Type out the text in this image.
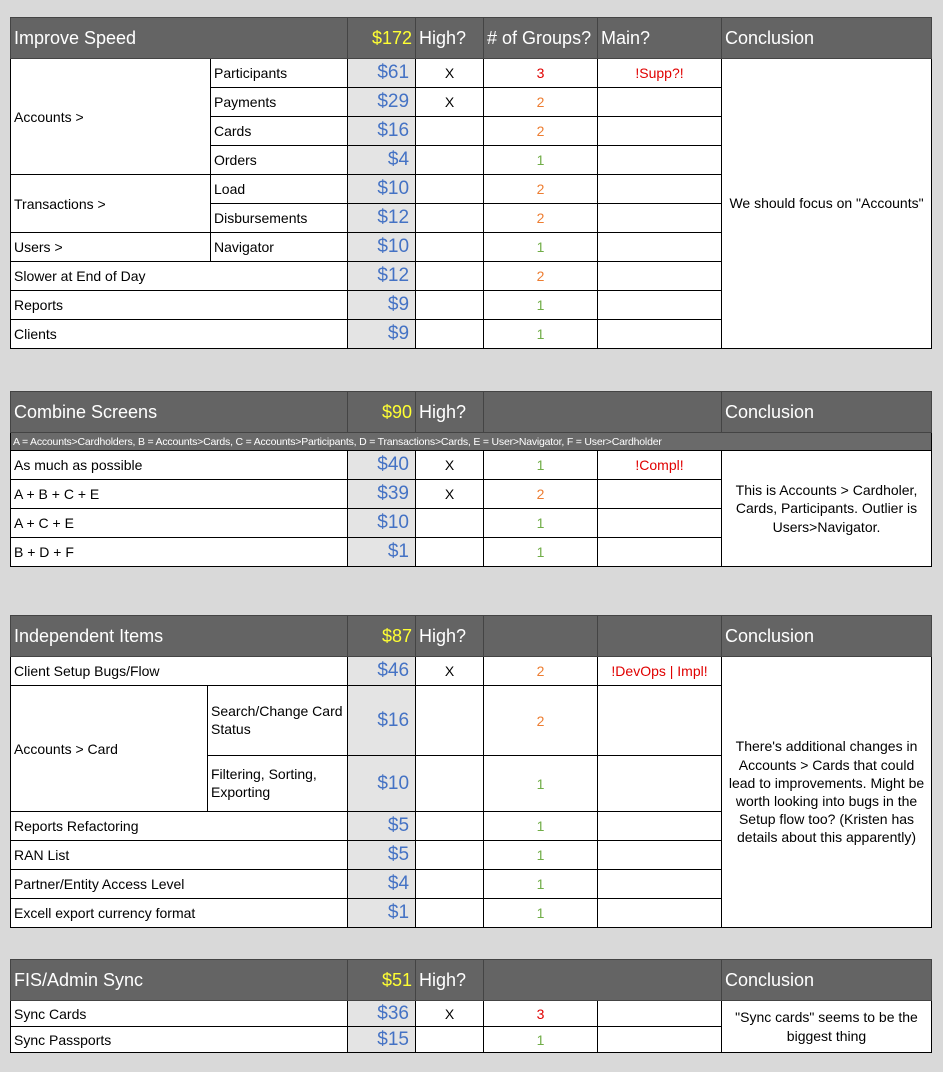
Improve Speed		$172	High?	# of Groups?	Main?	Conclusion
Accounts >	Participants	$61	X	3	!Supp?!	We should focus on "Accounts"
	Payments	$29	X	2		
	Cards	$16		2		
	Orders	$4		1		
Transactions >	Load	$10		2		
	Disbursements	$12		2		
Users >	Navigator	$10		1		
Slower at End of Day		$12		2		
Reports		$9		1		
Clients		$9		1		
Combine Screens	$90	High?			Conclusion
A = Accounts>Cardholders, B = Accounts>Cards, C = Accounts>Participants, D = Transactions>Cards, E = User>Navigator, F = User>Cardholder					
As much as possible	$40	X	1	!Compl!	This is Accounts > Cardholer, Cards, Participants. Outlier is Users>Navigator.
A + B + C + E	$39	X	2		
A + C + E	$10		1		
B + D + F	$1		1		
Independent Items		$87	High?			Conclusion
Client Setup Bugs/Flow		$46	X	2	!DevOps | Impl!	There's additional changes in Accounts > Cards that could lead to improvements. Might be worth looking into bugs in the Setup flow too? (Kristen has details about this apparently)
Accounts > Card	Search/Change Card Status	$16		2		
	Filtering, Sorting, Exporting	$10		1		
Reports Refactoring		$5		1		
RAN List		$5		1		
Partner/Entity Access Level		$4		1		
Excell export currency format		$1		1		
FIS/Admin Sync	$51	High?			Conclusion
Sync Cards	$36	X	3		"Sync cards" seems to be the biggest thing
Sync Passports	$15		1		
